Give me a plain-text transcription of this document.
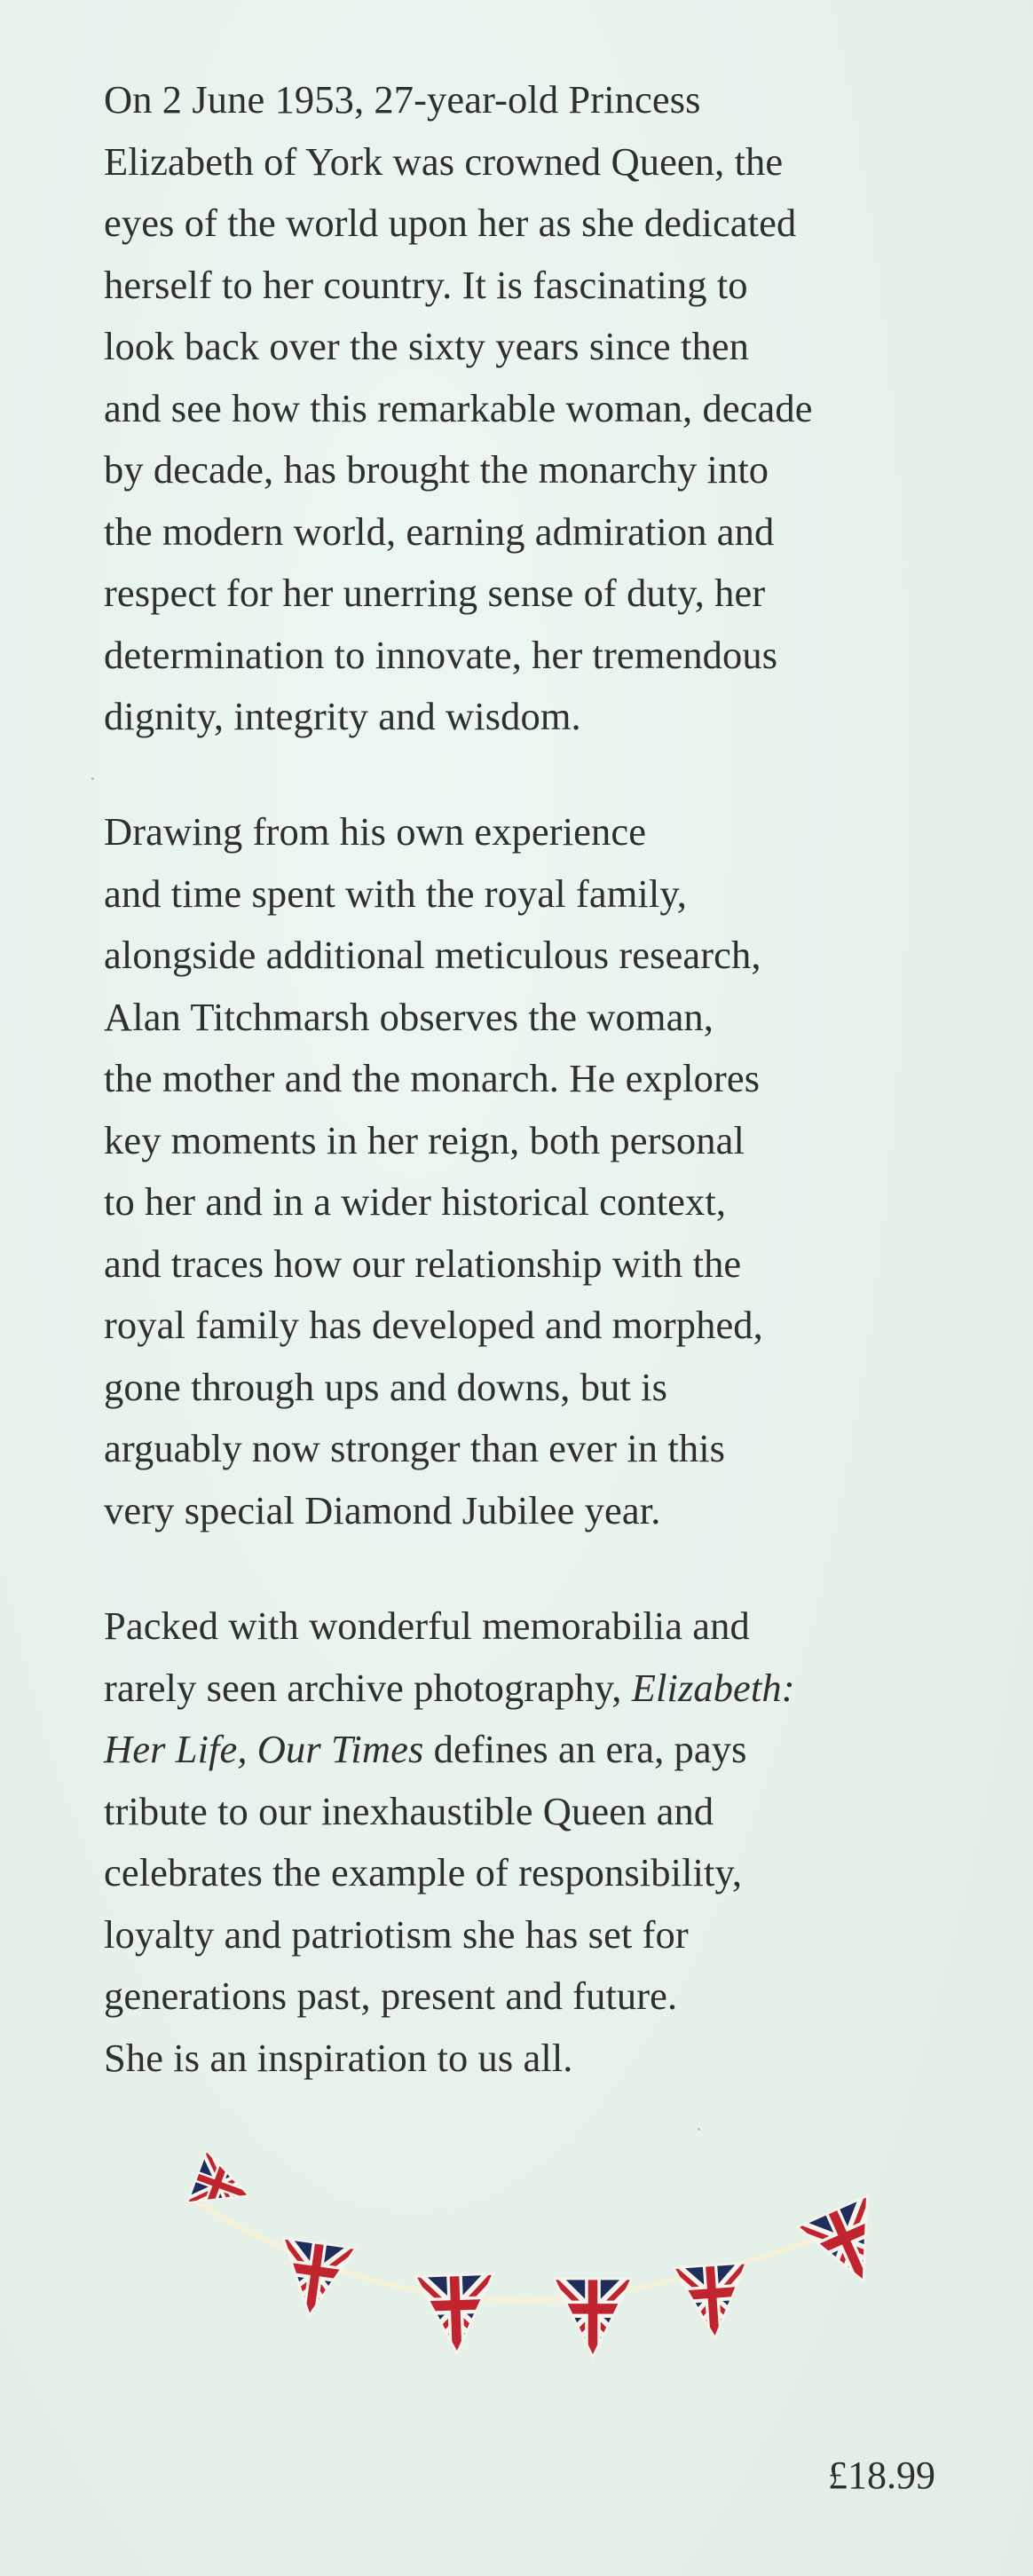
On 2 June 1953, 27-year-old Princess
Elizabeth of York was crowned Queen, the
eyes of the world upon her as she dedicated
herself to her country. It is fascinating to
look back over the sixty years since then
and see how this remarkable woman, decade
by decade, has brought the monarchy into
the modern world, earning admiration and
respect for her unerring sense of duty, her
determination to innovate, her tremendous
dignity, integrity and wisdom.

Drawing from his own experience
and time spent with the royal family,
alongside additional meticulous research,
Alan Titchmarsh observes the woman,
the mother and the monarch. He explores
key moments in her reign, both personal
to her and in a wider historical context,
and traces how our relationship with the
royal family has developed and morphed,
gone through ups and downs, but is
arguably now stronger than ever in this
very special Diamond Jubilee year.

Packed with wonderful memorabilia and
rarely seen archive photography, Elizabeth:
Her Life, Our Times defines an era, pays
tribute to our inexhaustible Queen and
celebrates the example of responsibility,
loyalty and patriotism she has set for
generations past, present and future.
She is an inspiration to us all.

£18.99
